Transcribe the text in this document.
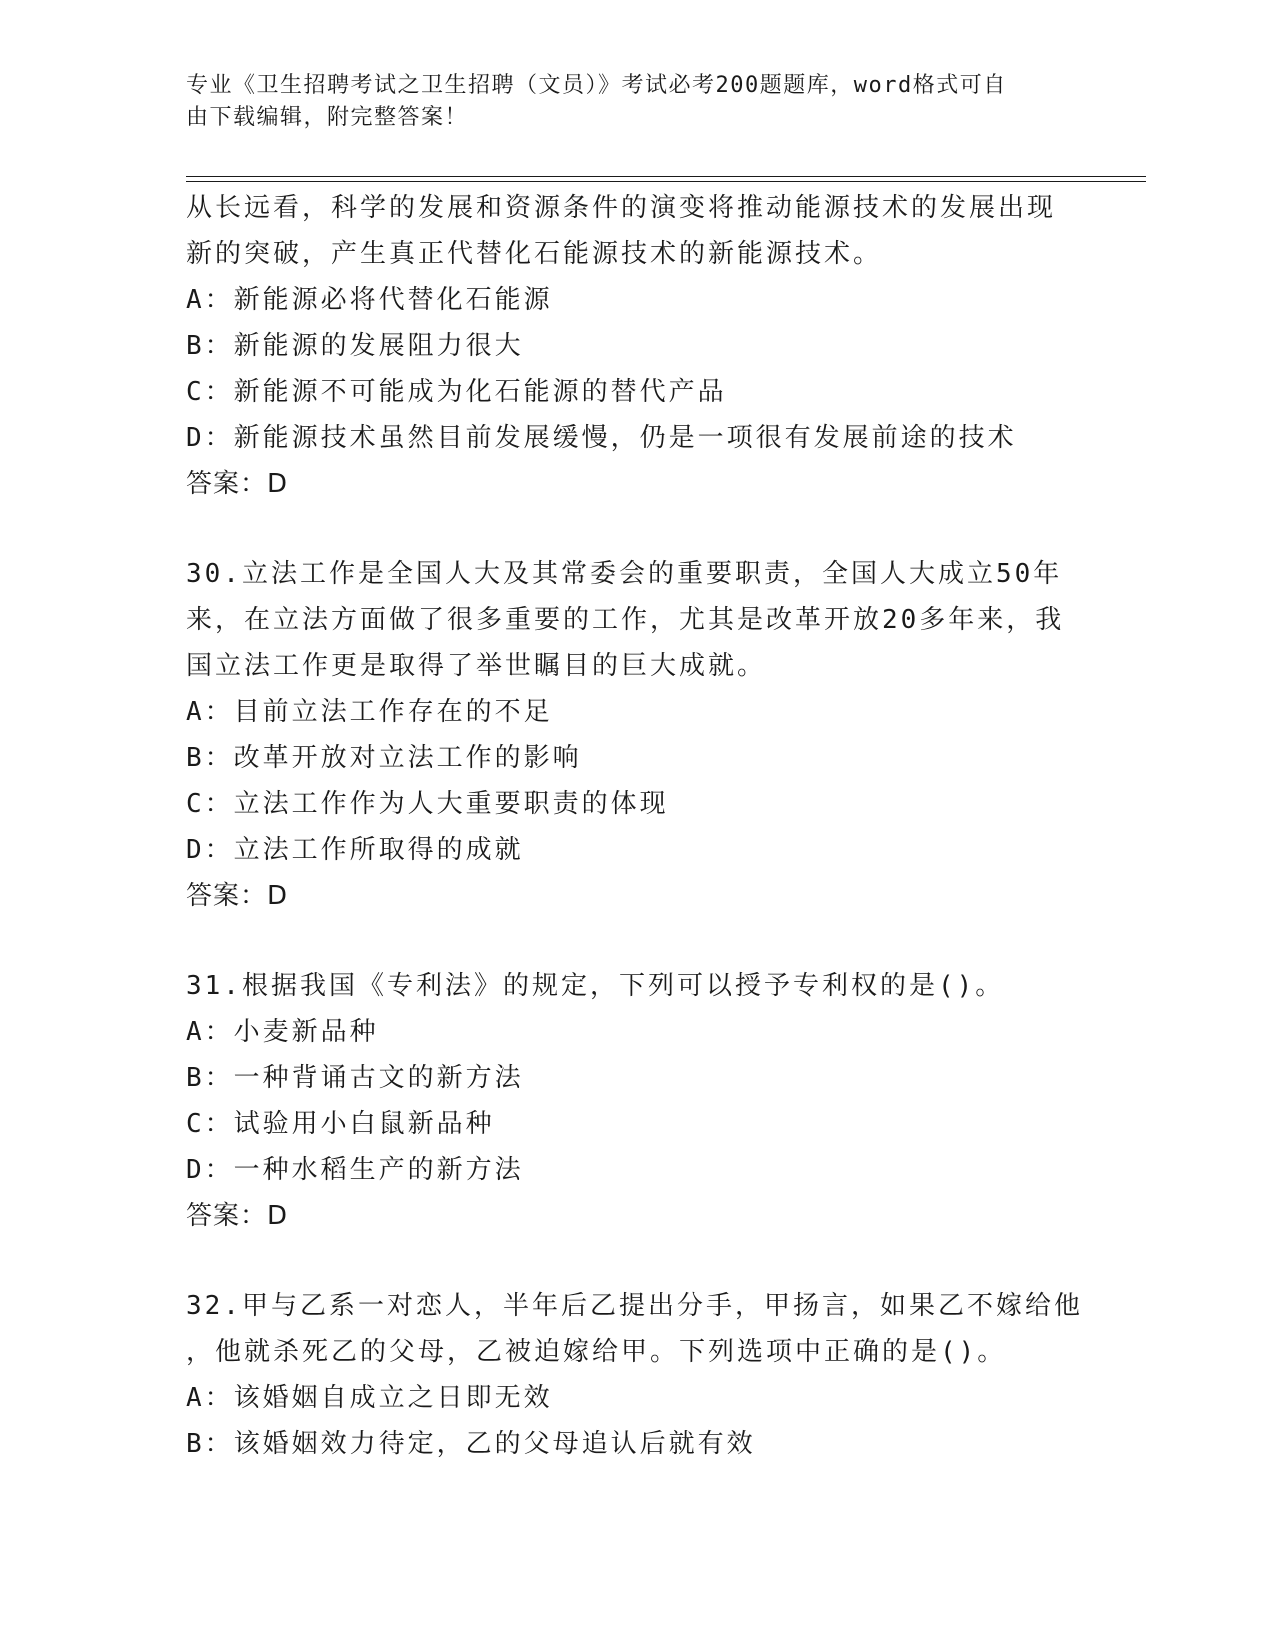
专业《卫生招聘考试之卫生招聘（文员）》考试必考200题题库，word格式可自
由下载编辑，附完整答案！
从长远看，科学的发展和资源条件的演变将推动能源技术的发展出现
新的突破，产生真正代替化石能源技术的新能源技术。
A：新能源必将代替化石能源
B：新能源的发展阻力很大
C：新能源不可能成为化石能源的替代产品
D：新能源技术虽然目前发展缓慢，仍是一项很有发展前途的技术
答案：D
30.立法工作是全国人大及其常委会的重要职责，全国人大成立50年
来，在立法方面做了很多重要的工作，尤其是改革开放20多年来，我
国立法工作更是取得了举世瞩目的巨大成就。
A：目前立法工作存在的不足
B：改革开放对立法工作的影响
C：立法工作作为人大重要职责的体现
D：立法工作所取得的成就
答案：D
31.根据我国《专利法》的规定，下列可以授予专利权的是()。
A：小麦新品种
B：一种背诵古文的新方法
C：试验用小白鼠新品种
D：一种水稻生产的新方法
答案：D
32.甲与乙系一对恋人，半年后乙提出分手，甲扬言，如果乙不嫁给他
，他就杀死乙的父母，乙被迫嫁给甲。下列选项中正确的是()。
A：该婚姻自成立之日即无效
B：该婚姻效力待定，乙的父母追认后就有效
